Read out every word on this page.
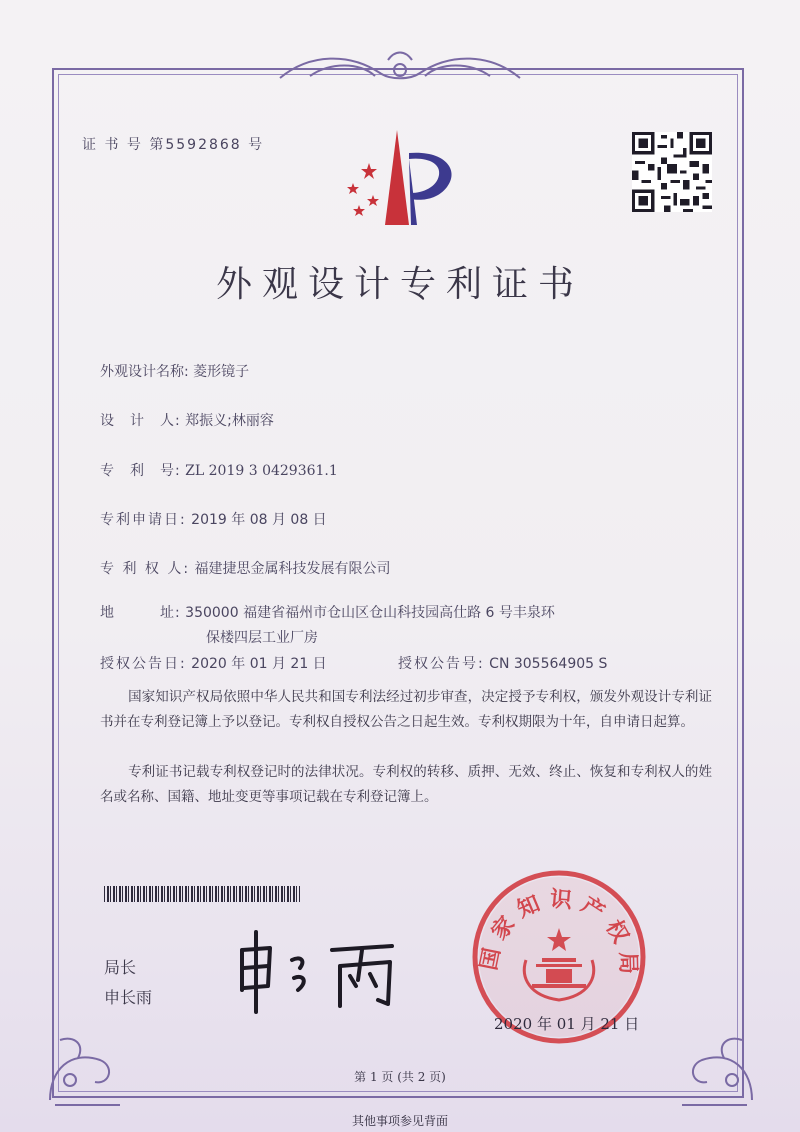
证 书 号 第5592868 号
外观设计专利证书
外观设计名称: 菱形镜子
设　计　人: 郑振义;林丽容
专　利　号: ZL 2019 3 0429361.1
专利申请日: 2019 年 08 月 08 日
专 利 权 人: 福建捷思金属科技发展有限公司
地　　　址: 350000 福建省福州市仓山区仓山科技园高仕路 6 号丰泉环
保楼四层工业厂房
授权公告日: 2020 年 01 月 21 日	授权公告号: CN 305564905 S
国家知识产权局依照中华人民共和国专利法经过初步审查，决定授予专利权，颁发外观设计专利证书并在专利登记簿上予以登记。专利权自授权公告之日起生效。专利权期限为十年，自申请日起算。
专利证书记载专利权登记时的法律状况。专利权的转移、质押、无效、终止、恢复和专利权人的姓名或名称、国籍、地址变更等事项记载在专利登记簿上。
局长
申长雨
国家知识产权局
2020 年 01 月 21 日
第 1 页 (共 2 页)
其他事项参见背面
